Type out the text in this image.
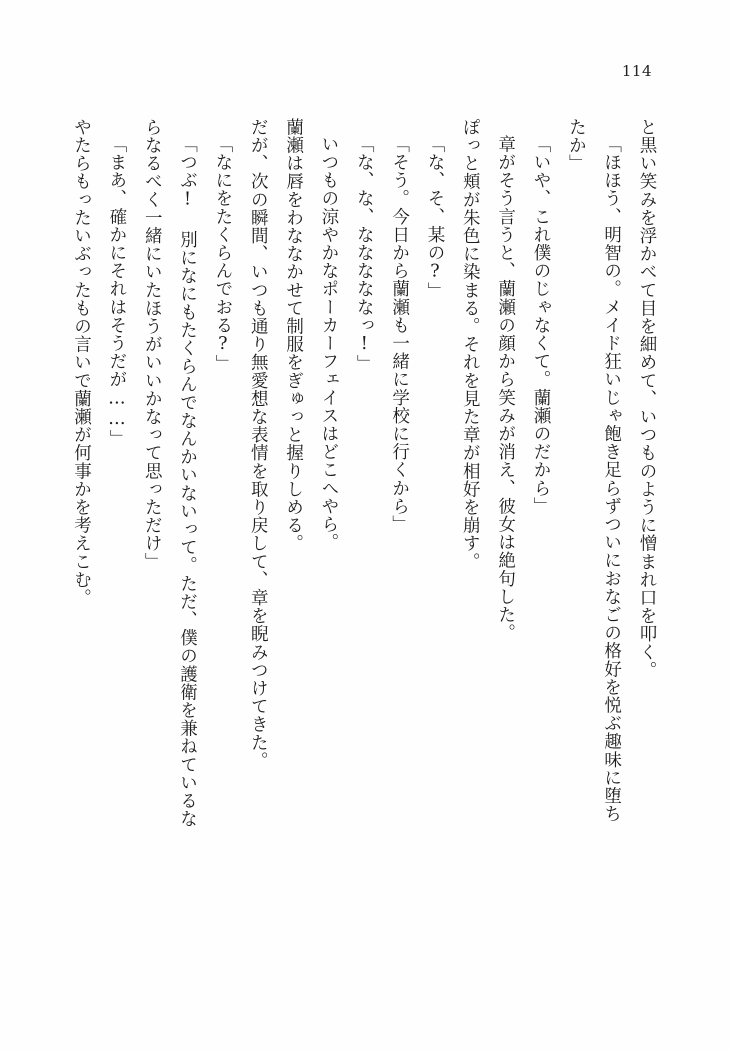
114
と黒い笑みを浮かべて目を細めて、いつものように憎まれ口を叩く。
「ほほう、明智の。メイド狂いじゃ飽き足らずついにおなごの格好を悦ぶ趣味に堕ち
たか」
「いや、これ僕のじゃなくて。蘭瀬のだから」
章がそう言うと、蘭瀬の顔から笑みが消え、彼女は絶句した。
ぽっと頬が朱色に染まる。それを見た章が相好を崩す。
「な、そ、某の?」
「そう。今日から蘭瀬も一緒に学校に行くから」
「な、な、なななななっ!」
いつもの涼やかなポーカーフェイスはどこへやら。
蘭瀬は唇をわななかせて制服をぎゅっと握りしめる。
だが、次の瞬間、いつも通り無愛想な表情を取り戻して、章を睨みつけてきた。
「なにをたくらんでおる?」
「つぶ! 別になにもたくらんでなんかいないって。ただ、僕の護衛を兼ねているな
らなるべく一緒にいたほうがいいかなって思っただけ」
「まあ、確かにそれはそうだが……」
やたらもったいぶったもの言いで蘭瀬が何事かを考えこむ。
